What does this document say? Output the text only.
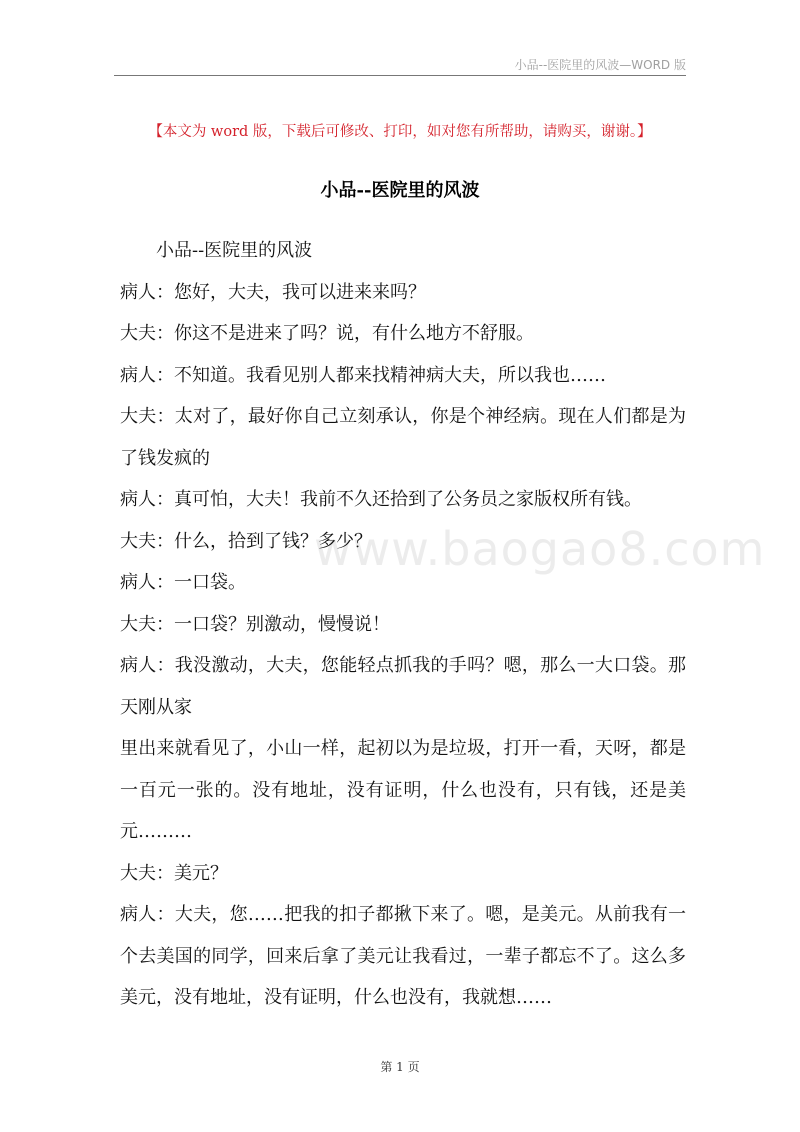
小品--医院里的风波—WORD 版
【本文为 word 版，下载后可修改、打印，如对您有所帮助，请购买，谢谢。】
小品--医院里的风波
www.baogao8.com

小品--医院里的风波

病人：您好，大夫，我可以进来来吗？

大夫：你这不是进来了吗？说，有什么地方不舒服。

病人：不知道。我看见别人都来找精神病大夫，所以我也……

大夫：太对了，最好你自己立刻承认，你是个神经病。现在人们都是为了钱发疯的

病人：真可怕，大夫！我前不久还拾到了公务员之家版权所有钱。

大夫：什么，拾到了钱？多少？

病人：一口袋。

大夫：一口袋？别激动，慢慢说！

病人：我没激动，大夫，您能轻点抓我的手吗？嗯，那么一大口袋。那天刚从家

里出来就看见了，小山一样，起初以为是垃圾，打开一看，天呀，都是一百元一张的。没有地址，没有证明，什么也没有，只有钱，还是美元………

大夫：美元？

病人：大夫，您……把我的扣子都揪下来了。嗯，是美元。从前我有一个去美国的同学，回来后拿了美元让我看过，一辈子都忘不了。这么多美元，没有地址，没有证明，什么也没有，我就想……

第 1 页
